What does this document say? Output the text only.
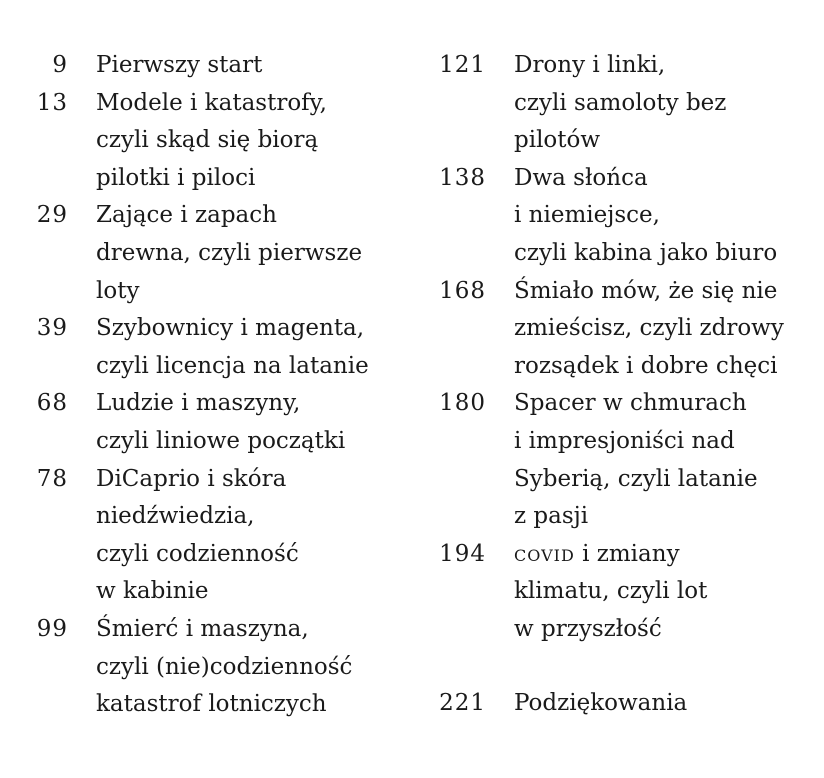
9 Pierwszy start
13 Modele i katastrofy,
czyli skąd się biorą
pilotki i piloci
29 Zające i zapach
drewna, czyli pierwsze
loty
39 Szybownicy i magenta,
czyli licencja na latanie
68 Ludzie i maszyny,
czyli liniowe początki
78 DiCaprio i skóra
niedźwiedzia,
czyli codzienność
w kabinie
99 Śmierć i maszyna,
czyli (nie)codzienność
katastrof lotniczych
121 Drony i linki,
czyli samoloty bez
pilotów
138 Dwa słońca
i niemiejsce,
czyli kabina jako biuro
168 Śmiało mów, że się nie
zmieścisz, czyli zdrowy
rozsądek i dobre chęci
180 Spacer w chmurach
i impresjoniści nad
Syberią, czyli latanie
z pasji
194 covid i zmiany
klimatu, czyli lot
w przyszłość
221 Podziękowania
